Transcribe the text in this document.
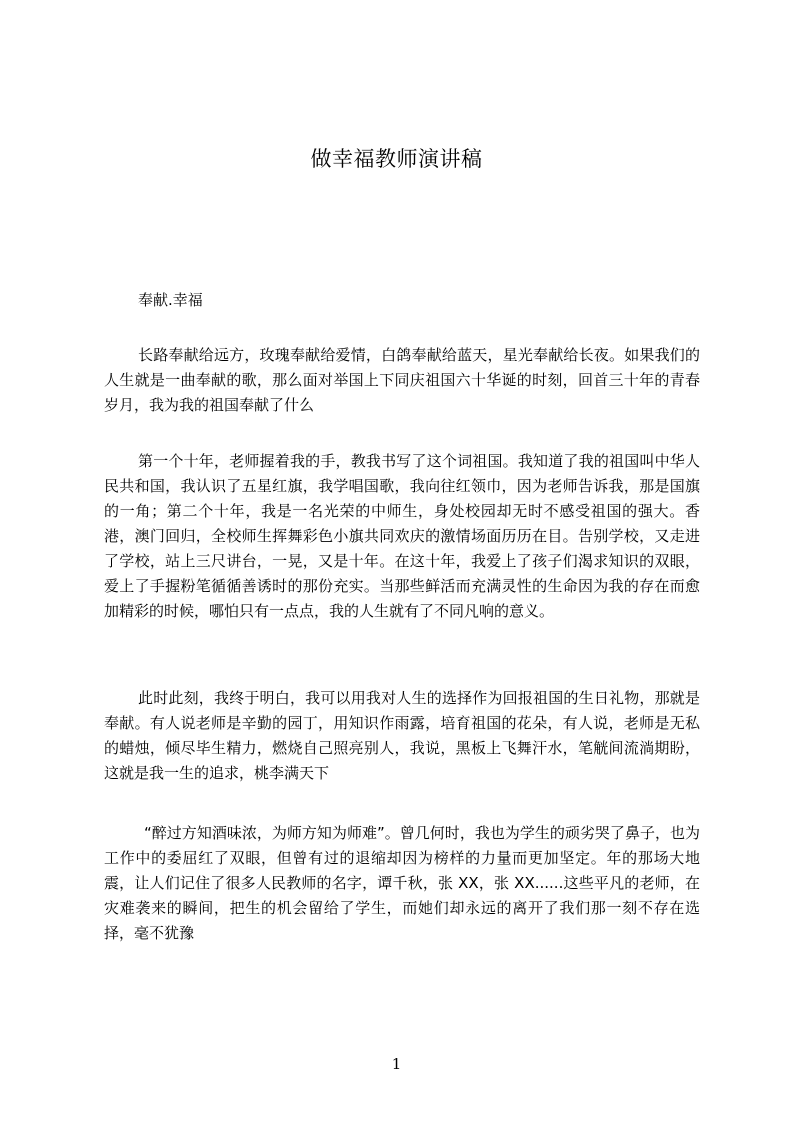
做幸福教师演讲稿

奉献.幸福

长路奉献给远方，玫瑰奉献给爱情，白鸽奉献给蓝天，星光奉献给长夜。如果我们的人生就是一曲奉献的歌，那么面对举国上下同庆祖国六十华诞的时刻，回首三十年的青春岁月，我为我的祖国奉献了什么

第一个十年，老师握着我的手，教我书写了这个词祖国。我知道了我的祖国叫中华人民共和国，我认识了五星红旗，我学唱国歌，我向往红领巾，因为老师告诉我，那是国旗的一角；第二个十年，我是一名光荣的中师生，身处校园却无时不感受祖国的强大。香港，澳门回归，全校师生挥舞彩色小旗共同欢庆的激情场面历历在目。告别学校，又走进了学校，站上三尺讲台，一晃，又是十年。在这十年，我爱上了孩子们渴求知识的双眼，爱上了手握粉笔循循善诱时的那份充实。当那些鲜活而充满灵性的生命因为我的存在而愈加精彩的时候，哪怕只有一点点，我的人生就有了不同凡响的意义。

此时此刻，我终于明白，我可以用我对人生的选择作为回报祖国的生日礼物，那就是奉献。有人说老师是辛勤的园丁，用知识作雨露，培育祖国的花朵，有人说，老师是无私的蜡烛，倾尽毕生精力，燃烧自己照亮别人，我说，黑板上飞舞汗水，笔觥间流淌期盼，这就是我一生的追求，桃李满天下

“醉过方知酒味浓，为师方知为师难”。曾几何时，我也为学生的顽劣哭了鼻子，也为工作中的委屈红了双眼，但曾有过的退缩却因为榜样的力量而更加坚定。年的那场大地震，让人们记住了很多人民教师的名字，谭千秋，张 XX，张 XX......这些平凡的老师，在灾难袭来的瞬间，把生的机会留给了学生，而她们却永远的离开了我们那一刻不存在选择，毫不犹豫

1
